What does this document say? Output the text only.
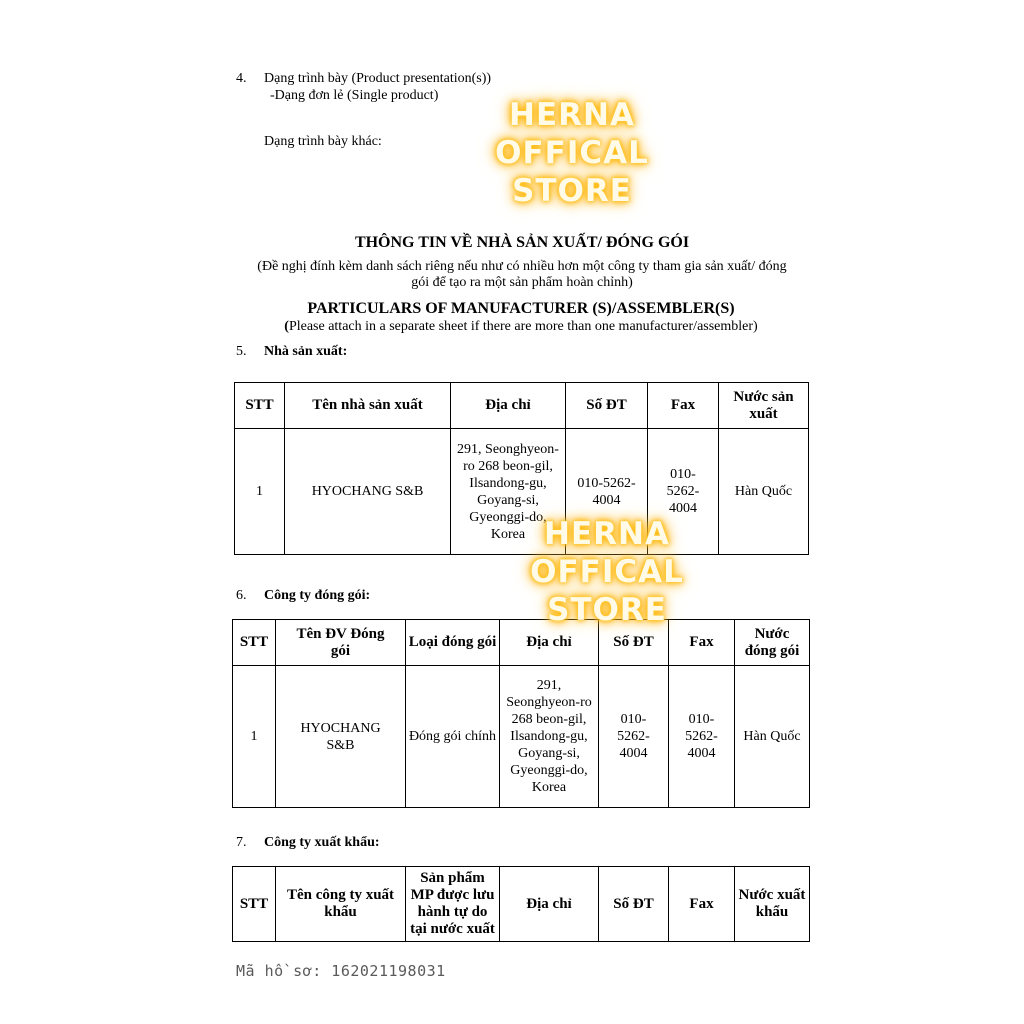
4. Dạng trình bày (Product presentation(s))
-Dạng đơn lẻ (Single product)
Dạng trình bày khác:
THÔNG TIN VỀ NHÀ SẢN XUẤT/ ĐÓNG GÓI
(Đề nghị đính kèm danh sách riêng nếu như có nhiều hơn một công ty tham gia sản xuất/ đóng
gói để tạo ra một sản phẩm hoàn chỉnh)
PARTICULARS OF MANUFACTURER (S)/ASSEMBLER(S)
(Please attach in a separate sheet if there are more than one manufacturer/assembler)
5. Nhà sản xuất:
STT	Tên nhà sản xuất	Địa chỉ	Số ĐT	Fax	Nước sản xuất
1	HYOCHANG S&B	291, Seonghyeon-ro 268 beon-gil, Ilsandong-gu, Goyang-si, Gyeonggi-do, Korea	010-5262-4004	010-5262-4004	Hàn Quốc
6. Công ty đóng gói:
STT	Tên ĐV Đóng gói	Loại đóng gói	Địa chỉ	Số ĐT	Fax	Nước đóng gói
1	HYOCHANG S&B	Đóng gói chính	291, Seonghyeon-ro 268 beon-gil, Ilsandong-gu, Goyang-si, Gyeonggi-do, Korea	010-5262-4004	010-5262-4004	Hàn Quốc
7. Công ty xuất khẩu:
STT	Tên công ty xuất khẩu	Sản phẩm MP được lưu hành tự do tại nước xuất	Địa chỉ	Số ĐT	Fax	Nước xuất khẩu
HERNA
OFFICAL
STORE
HERNA
OFFICAL
STORE
Mã hồ sơ: 162021198031
